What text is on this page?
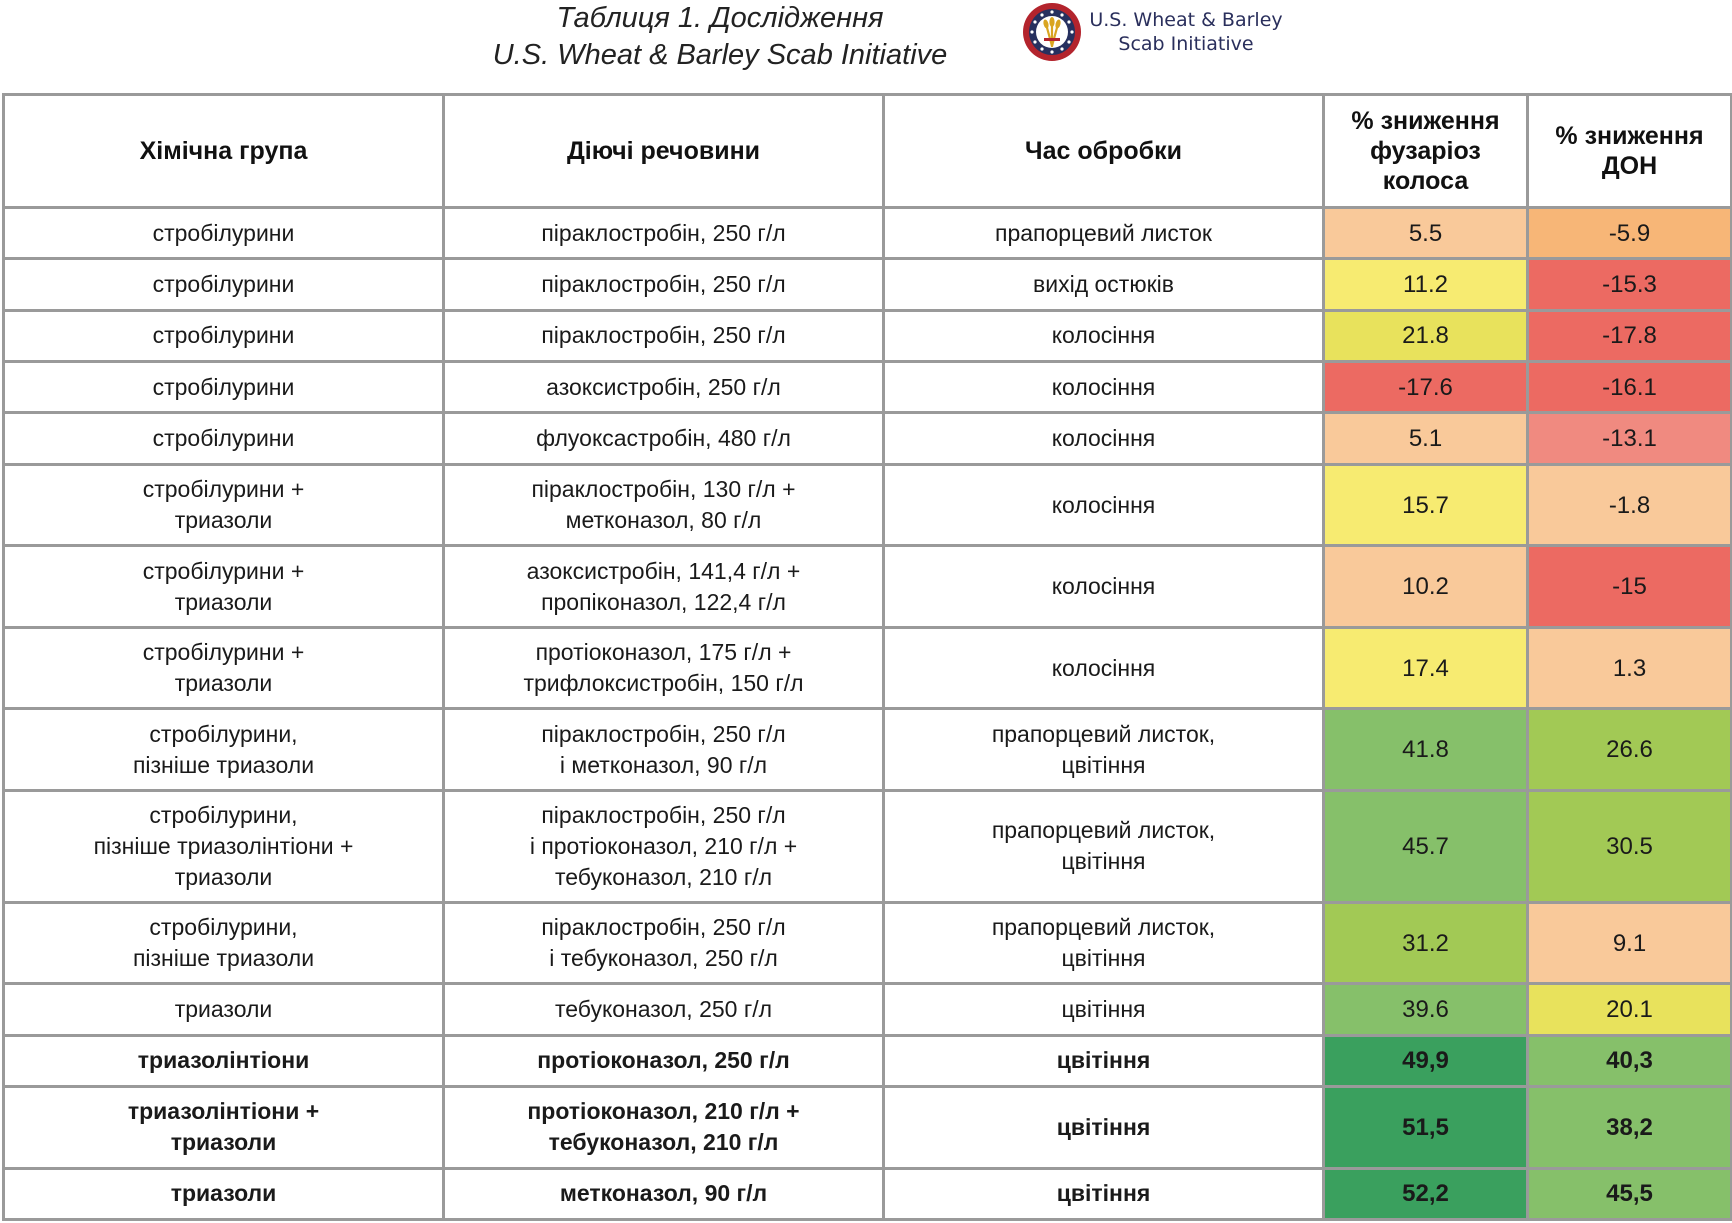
Таблиця 1. Дослідження
U.S. Wheat & Barley Scab Initiative
U.S. Wheat & Barley
Scab Initiative
Хімічна група	Діючі речовини	Час обробки	% зниження
фузаріоз
колоса	% зниження
ДОН

стробілурини	піраклостробін, 250 г/л	прапорцевий листок	5.5	-5.9

стробілурини	піраклостробін, 250 г/л	вихід остюків	11.2	-15.3

стробілурини	піраклостробін, 250 г/л	колосіння	21.8	-17.8

стробілурини	азоксистробін, 250 г/л	колосіння	-17.6	-16.1

стробілурини	флуоксастробін, 480 г/л	колосіння	5.1	-13.1

стробілурини +
триазоли	піраклостробін, 130 г/л +
метконазол, 80 г/л	колосіння	15.7	-1.8

стробілурини +
триазоли	азоксистробін, 141,4 г/л +
пропіконазол, 122,4 г/л	колосіння	10.2	-15

стробілурини +
триазоли	протіоконазол, 175 г/л +
трифлоксистробін, 150 г/л	колосіння	17.4	1.3

стробілурини,
пізніше триазоли	піраклостробін, 250 г/л
і метконазол, 90 г/л	прапорцевий листок,
цвітіння	41.8	26.6

стробілурини,
пізніше триазолінтіони +
триазоли	піраклостробін, 250 г/л
і протіоконазол, 210 г/л +
тебуконазол, 210 г/л	прапорцевий листок,
цвітіння	45.7	30.5

стробілурини,
пізніше триазоли	піраклостробін, 250 г/л
і тебуконазол, 250 г/л	прапорцевий листок,
цвітіння	31.2	9.1

триазоли	тебуконазол, 250 г/л	цвітіння	39.6	20.1

триазолінтіони	протіоконазол, 250 г/л	цвітіння	49,9	40,3

триазолінтіони +
триазоли	протіоконазол, 210 г/л +
тебуконазол, 210 г/л	цвітіння	51,5	38,2

триазоли	метконазол, 90 г/л	цвітіння	52,2	45,5
